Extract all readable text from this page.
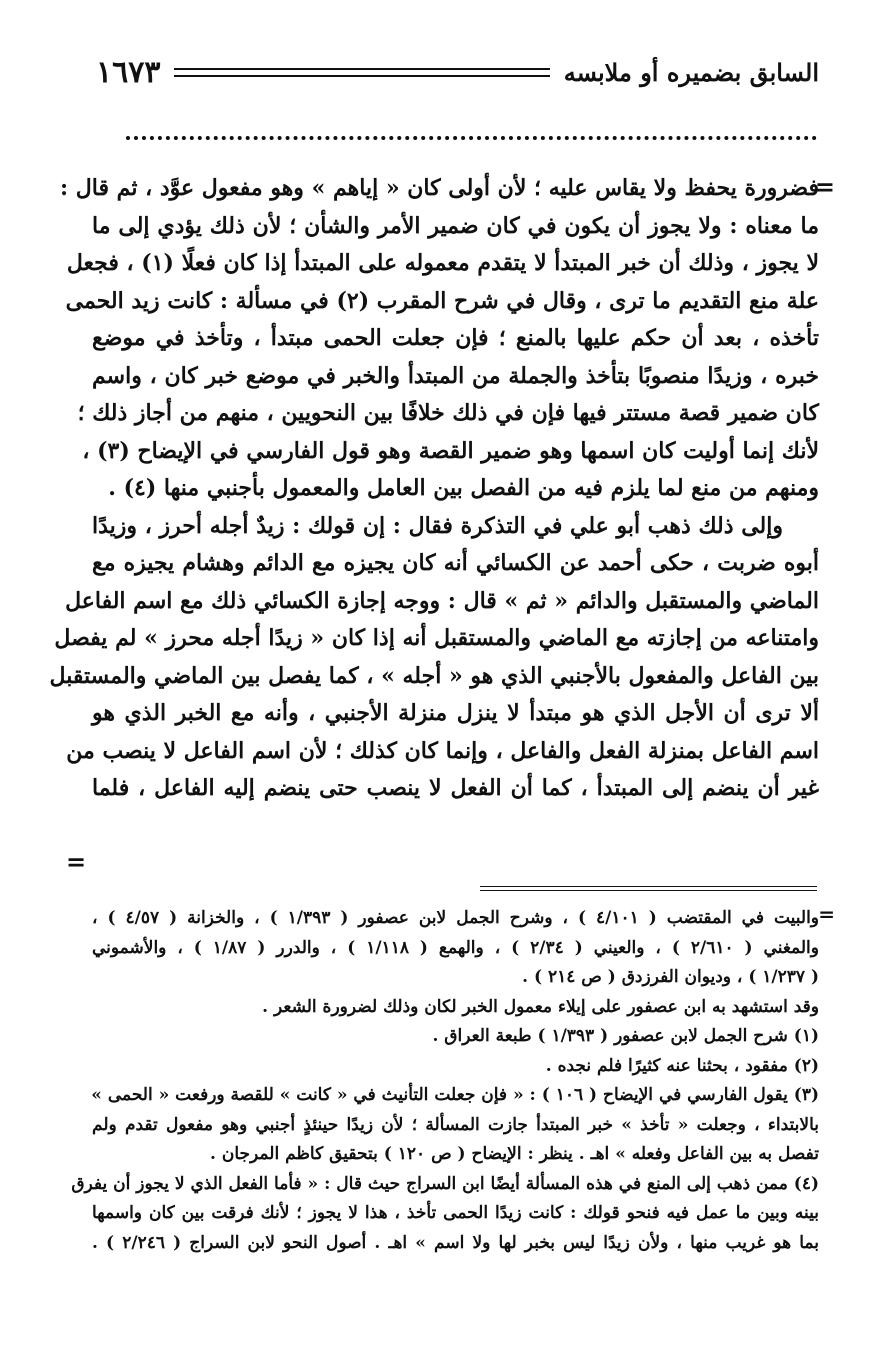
١٦٧٣	السابق بضميره أو ملابسه
=
=

فضرورة يحفظ ولا يقاس عليه ؛ لأن أولى كان « إياهم » وهو مفعول عوَّد ، ثم قال :

ما معناه : ولا يجوز أن يكون في كان ضمير الأمر والشأن ؛ لأن ذلك يؤدي إلى ما

لا يجوز ، وذلك أن خبر المبتدأ لا يتقدم معموله على المبتدأ إذا كان فعلًا (١) ، فجعل

علة منع التقديم ما ترى ، وقال في شرح المقرب (٢) في مسألة : كانت زيد الحمى

تأخذه ، بعد أن حكم عليها بالمنع ؛ فإن جعلت الحمى مبتدأ ، وتأخذ في موضع

خبره ، وزيدًا منصوبًا بتأخذ والجملة من المبتدأ والخبر في موضع خبر كان ، واسم

كان ضمير قصة مستتر فيها فإن في ذلك خلافًا بين النحويين ، منهم من أجاز ذلك ؛

لأنك إنما أوليت كان اسمها وهو ضمير القصة وهو قول الفارسي في الإيضاح (٣) ،

ومنهم من منع لما يلزم فيه من الفصل بين العامل والمعمول بأجنبي منها (٤) .

وإلى ذلك ذهب أبو علي في التذكرة فقال : إن قولك : زيدٌ أجله أحرز ، وزيدًا

أبوه ضربت ، حكى أحمد عن الكسائي أنه كان يجيزه مع الدائم وهشام يجيزه مع

الماضي والمستقبل والدائم « ثم » قال : ووجه إجازة الكسائي ذلك مع اسم الفاعل

وامتناعه من إجازته مع الماضي والمستقبل أنه إذا كان « زيدًا أجله محرز » لم يفصل

بين الفاعل والمفعول بالأجنبي الذي هو « أجله » ، كما يفصل بين الماضي والمستقبل

ألا ترى أن الأجل الذي هو مبتدأ لا ينزل منزلة الأجنبي ، وأنه مع الخبر الذي هو

اسم الفاعل بمنزلة الفعل والفاعل ، وإنما كان كذلك ؛ لأن اسم الفاعل لا ينصب من

غير أن ينضم إلى المبتدأ ، كما أن الفعل لا ينصب حتى ينضم إليه الفاعل ، فلما

=

والبيت في المقتضب ( ٤/١٠١ ) ، وشرح الجمل لابن عصفور ( ١/٣٩٣ ) ، والخزانة ( ٤/٥٧ ) ،

والمغني ( ٢/٦١٠ ) ، والعيني ( ٢/٣٤ ) ، والهمع ( ١/١١٨ ) ، والدرر ( ١/٨٧ ) ، والأشموني

( ١/٢٣٧ ) ، وديوان الفرزدق ( ص ٢١٤ ) .

وقد استشهد به ابن عصفور على إيلاء معمول الخبر لكان وذلك لضرورة الشعر .

(١) شرح الجمل لابن عصفور ( ١/٣٩٣ ) طبعة العراق .

(٢) مفقود ، بحثنا عنه كثيرًا فلم نجده .

(٣) يقول الفارسي في الإيضاح ( ١٠٦ ) : « فإن جعلت التأنيث في « كانت » للقصة ورفعت « الحمى »

بالابتداء ، وجعلت « تأخذ » خبر المبتدأ جازت المسألة ؛ لأن زيدًا حينئذٍ أجنبي وهو مفعول تقدم ولم

تفصل به بين الفاعل وفعله » اهـ . ينظر : الإيضاح ( ص ١٢٠ ) بتحقيق كاظم المرجان .

(٤) ممن ذهب إلى المنع في هذه المسألة أيضًا ابن السراج حيث قال : « فأما الفعل الذي لا يجوز أن يفرق

بينه وبين ما عمل فيه فنحو قولك : كانت زيدًا الحمى تأخذ ، هذا لا يجوز ؛ لأنك فرقت بين كان واسمها

بما هو غريب منها ، ولأن زيدًا ليس بخبر لها ولا اسم » اهـ . أصول النحو لابن السراج ( ٢/٢٤٦ ) .
